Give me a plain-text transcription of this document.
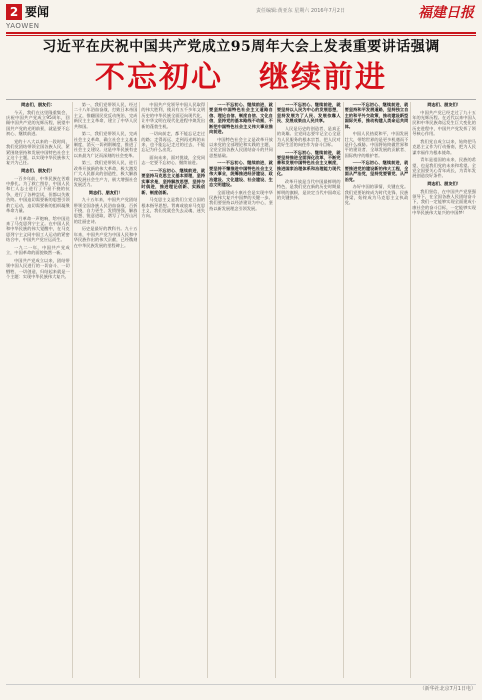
2 要闻
YAOWEN
责任编辑:黄亚东 星期六 2016年7月2日	福建日报
习近平在庆祝中国共产党成立95周年大会上发表重要讲话强调
不忘初心 继续前进

同志们，朋友们：

今天，我们在这里隆重集会，庆祝中国共产党成立95周年，回顾中国共产党的光辉历程，展望中国共产党的光明前景，就是要不忘初心、继续前进。

党的十八大以来的一段时间，我们党团结带领全国各族人民，紧紧围绕坚持和发展中国特色社会主义这个主题，以实现中华民族伟大复兴为己任。

同志们、朋友们！

一百多年前，中华民族在苦难中挣扎。为了救亡图存，中国人民和仁人志士进行了不屈不挠的抗争，进行了各种尝试，但都以失败告终。中国迫切需要新的思想引领救亡运动，迫切需要新的组织凝聚革命力量。

十月革命一声炮响，给中国送来了马克思列宁主义。在中国人民和中华民族的伟大觉醒中，在马克思列宁主义同中国工人运动的紧密结合中，中国共产党应运而生。

一九二一年，中国共产党成立，中国革命的面貌焕然一新。

中国共产党成立以来，团结带领中国人民进行的一切奋斗、一切牺牲、一切创造，归结起来就是一个主题：实现中华民族伟大复兴。

第一，我们党带领人民，经过二十八年浴血奋战，打败日本帝国主义，推翻国民党反动统治，完成新民主主义革命，建立了中华人民共和国。

第二，我们党带领人民，完成社会主义革命，确立社会主义基本制度，消灭一切剥削制度，推进了社会主义建设。这是中华民族有史以来最为广泛而深刻的社会变革。

第三，我们党带领人民，进行改革开放新的伟大革命，极大激发广大人民群众的创造性，极大解放和发展社会生产力，极大增强社会发展活力。

同志们、朋友们！

九十五年来，中国共产党团结带领全国各族人民浴血奋战、百折不挠，自力更生、发愤图强，解放思想、锐意进取，谱写了气吞山河的壮丽史诗。

历史是最好的教科书。九十五年来，中国共产党为中国人民和中华民族作出的伟大贡献，已经镌刻在中华民族发展的里程碑上。

中国共产党领导中国人民取得的伟大胜利，使具有五千多年文明历史的中华民族全面迈向现代化，让中华文明在现代化进程中焕发出新的蓬勃生机。

一切向前走，都不能忘记走过的路；走得再远、走到再光辉的未来，也不能忘记走过的过去，不能忘记为什么出发。

面向未来，面对挑战，全党同志一定要不忘初心、继续前进。

一一不忘初心、继续前进，就要坚持马克思主义基本原理，坚持实事求是，坚持解放思想，坚持与时俱进，推进理论创新、实践创新、制度创新。

马克思主义是我们立党立国的根本指导思想。背离或放弃马克思主义，我们党就会失去灵魂、迷失方向。

一一不忘初心、继续前进，就要坚持中国特色社会主义道路自信、理论自信、制度自信、文化自信，坚持党的基本路线不动摇，不断把中国特色社会主义伟大事业推向前进。

中国特色社会主义是改革开放以来党的全部理论和实践的主题，全党全国各族人民团结奋斗的共同思想基础。

一一不忘初心、继续前进，就要坚持不懈推进中国特色社会主义伟大事业，统筹推进经济建设、政治建设、文化建设、社会建设、生态文明建设。

全面建成小康社会是实现中华民族伟大复兴中国梦的关键一步。我们要坚持以经济建设为中心，坚持以新发展理念引领发展。

一一不忘初心、继续前进，就要坚持以人民为中心的发展思想，坚持发展为了人民、发展依靠人民、发展成果由人民共享。

人民是历史的创造者，是真正的英雄。全党同志要牢记全心全意为人民服务的根本宗旨，把人民对美好生活的向往作为奋斗目标。

一一不忘初心、继续前进，就要坚持推进全面深化改革，不断完善和发展中国特色社会主义制度，推进国家治理体系和治理能力现代化。

改革开放是当代中国最鲜明的特色，是我们党在新的历史时期最鲜明的旗帜，是决定当代中国命运的关键抉择。

一一不忘初心、继续前进，就要坚持和平发展道路，坚持独立自主的和平外交政策，推动建设新型国际关系，推动构建人类命运共同体。

中国人民热爱和平，中国发展壮大，带给世界的是更多机遇而不是什么威胁。中国将始终做世界和平的建设者、全球发展的贡献者、国际秩序的维护者。

一一不忘初心、继续前进，就要推进党的建设新的伟大工程，全面从严治党，坚持党要管党、从严治党。

办好中国的事情，关键在党。我们党要始终成为时代先锋、民族脊梁，始终成为马克思主义执政党。

同志们、朋友们！

中国共产党已经走过了九十五年的光辉历程。在近代以来中国人民和中华民族命运发生巨大变化的历史进程中，中国共产党发挥了领导核心作用。

我们党自成立以来，始终把马克思主义作为行动指南，把为人民谋幸福作为根本使命。

青年是祖国的未来、民族的希望，也是我们党的未来和希望。全党全国要关心青年成长，为青年发展创造良好条件。

同志们、朋友们！

我们坚信，在中国共产党坚强领导下，在全国各族人民团结奋斗下，我们一定能够实现全面建成小康社会的奋斗目标，一定能够实现中华民族伟大复兴的中国梦！

（新华社北京7月1日电）
